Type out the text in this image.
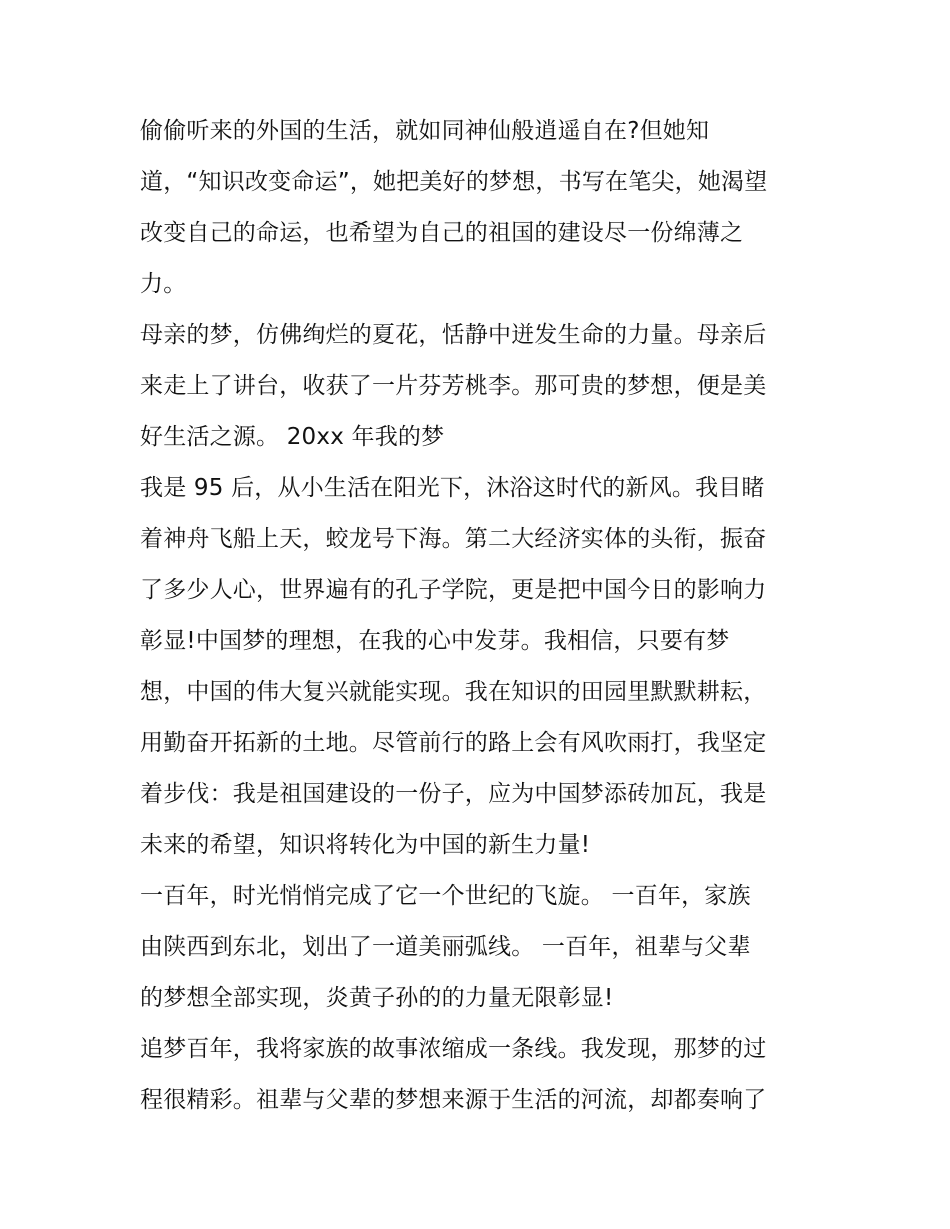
偷偷听来的外国的生活，就如同神仙般逍遥自在?但她知
道，“知识改变命运”，她把美好的梦想，书写在笔尖，她渴望
改变自己的命运，也希望为自己的祖国的建设尽一份绵薄之
力。
母亲的梦，仿佛绚烂的夏花，恬静中迸发生命的力量。母亲后
来走上了讲台，收获了一片芬芳桃李。那可贵的梦想，便是美
好生活之源。 20xx 年我的梦
我是 95 后，从小生活在阳光下，沐浴这时代的新风。我目睹
着神舟飞船上天，蛟龙号下海。第二大经济实体的头衔，振奋
了多少人心，世界遍有的孔子学院，更是把中国今日的影响力
彰显!中国梦的理想，在我的心中发芽。我相信，只要有梦
想，中国的伟大复兴就能实现。我在知识的田园里默默耕耘，
用勤奋开拓新的土地。尽管前行的路上会有风吹雨打，我坚定
着步伐：我是祖国建设的一份子，应为中国梦添砖加瓦，我是
未来的希望，知识将转化为中国的新生力量!
一百年，时光悄悄完成了它一个世纪的飞旋。 一百年，家族
由陕西到东北，划出了一道美丽弧线。 一百年，祖辈与父辈
的梦想全部实现，炎黄子孙的的力量无限彰显!
追梦百年，我将家族的故事浓缩成一条线。我发现，那梦的过
程很精彩。祖辈与父辈的梦想来源于生活的河流，却都奏响了
